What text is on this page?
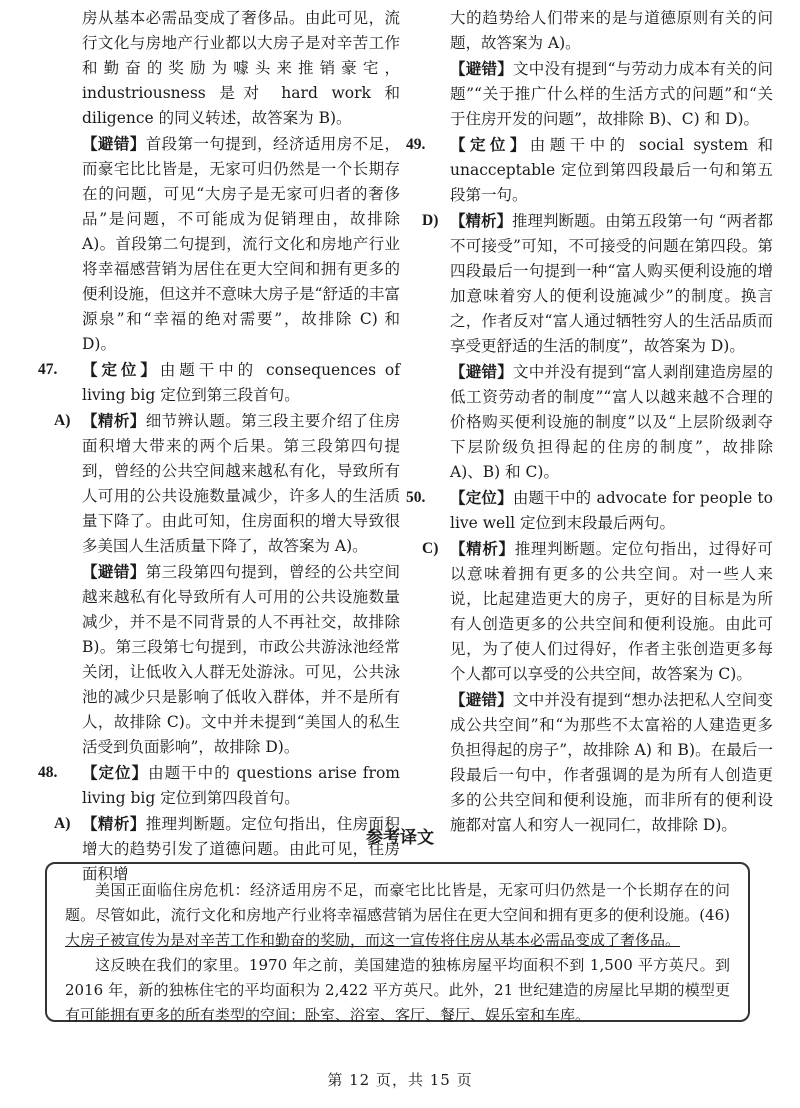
房从基本必需品变成了奢侈品。由此可见，流行文化与房地产行业都以大房子是对辛苦工作和勤奋的奖励为噱头来推销豪宅，industriousness 是对 hard work 和 diligence 的同义转述，故答案为 B)。

【避错】首段第一句提到，经济适用房不足，而豪宅比比皆是，无家可归仍然是一个长期存在的问题，可见“大房子是无家可归者的奢侈品”是问题，不可能成为促销理由，故排除 A)。首段第二句提到，流行文化和房地产行业将幸福感营销为居住在更大空间和拥有更多的便利设施，但这并不意味大房子是“舒适的丰富源泉”和“幸福的绝对需要”，故排除 C) 和 D)。

47.	【定位】由题干中的 consequences of living big 定位到第三段首句。

A) 【精析】细节辨认题。第三段主要介绍了住房面积增大带来的两个后果。第三段第四句提到，曾经的公共空间越来越私有化，导致所有人可用的公共设施数量减少，许多人的生活质量下降了。由此可知，住房面积的增大导致很多美国人生活质量下降了，故答案为 A)。

【避错】第三段第四句提到，曾经的公共空间越来越私有化导致所有人可用的公共设施数量减少，并不是不同背景的人不再社交，故排除 B)。第三段第七句提到，市政公共游泳池经常关闭，让低收入人群无处游泳。可见，公共泳池的减少只是影响了低收入群体，并不是所有人，故排除 C)。文中并未提到“美国人的私生活受到负面影响”，故排除 D)。

48.	【定位】由题干中的 questions arise from living big 定位到第四段首句。

A) 【精析】推理判断题。定位句指出，住房面积增大的趋势引发了道德问题。由此可见，住房面积增

大的趋势给人们带来的是与道德原则有关的问题，故答案为 A)。

【避错】文中没有提到“与劳动力成本有关的问题”“关于推广什么样的生活方式的问题”和“关于住房开发的问题”，故排除 B)、C) 和 D)。

49.	【定位】由题干中的 social system 和 unacceptable 定位到第四段最后一句和第五段第一句。

D) 【精析】推理判断题。由第五段第一句 “两者都不可接受”可知，不可接受的问题在第四段。第四段最后一句提到一种“富人购买便利设施的增加意味着穷人的便利设施减少”的制度。换言之，作者反对“富人通过牺牲穷人的生活品质而享受更舒适的生活的制度”，故答案为 D)。

【避错】文中并没有提到“富人剥削建造房屋的低工资劳动者的制度”“富人以越来越不合理的价格购买便利设施的制度”以及“上层阶级剥夺下层阶级负担得起的住房的制度”，故排除 A)、B) 和 C)。

50.	【定位】由题干中的 advocate for people to live well 定位到末段最后两句。

C) 【精析】推理判断题。定位句指出，过得好可以意味着拥有更多的公共空间。对一些人来说，比起建造更大的房子，更好的目标是为所有人创造更多的公共空间和便利设施。由此可见，为了使人们过得好，作者主张创造更多每个人都可以享受的公共空间，故答案为 C)。

【避错】文中并没有提到“想办法把私人空间变成公共空间”和“为那些不太富裕的人建造更多负担得起的房子”，故排除 A) 和 B)。在最后一段最后一句中，作者强调的是为所有人创造更多的公共空间和便利设施，而非所有的便利设施都对富人和穷人一视同仁，故排除 D)。

参考译文

美国正面临住房危机：经济适用房不足，而豪宅比比皆是，无家可归仍然是一个长期存在的问题。尽管如此，流行文化和房地产行业将幸福感营销为居住在更大空间和拥有更多的便利设施。(46)大房子被宣传为是对辛苦工作和勤奋的奖励，而这一宣传将住房从基本必需品变成了奢侈品。

这反映在我们的家里。1970 年之前，美国建造的独栋房屋平均面积不到 1,500 平方英尺。到 2016 年，新的独栋住宅的平均面积为 2,422 平方英尺。此外，21 世纪建造的房屋比早期的模型更有可能拥有更多的所有类型的空间：卧室、浴室、客厅、餐厅、娱乐室和车库。

第 12 页，共 15 页
